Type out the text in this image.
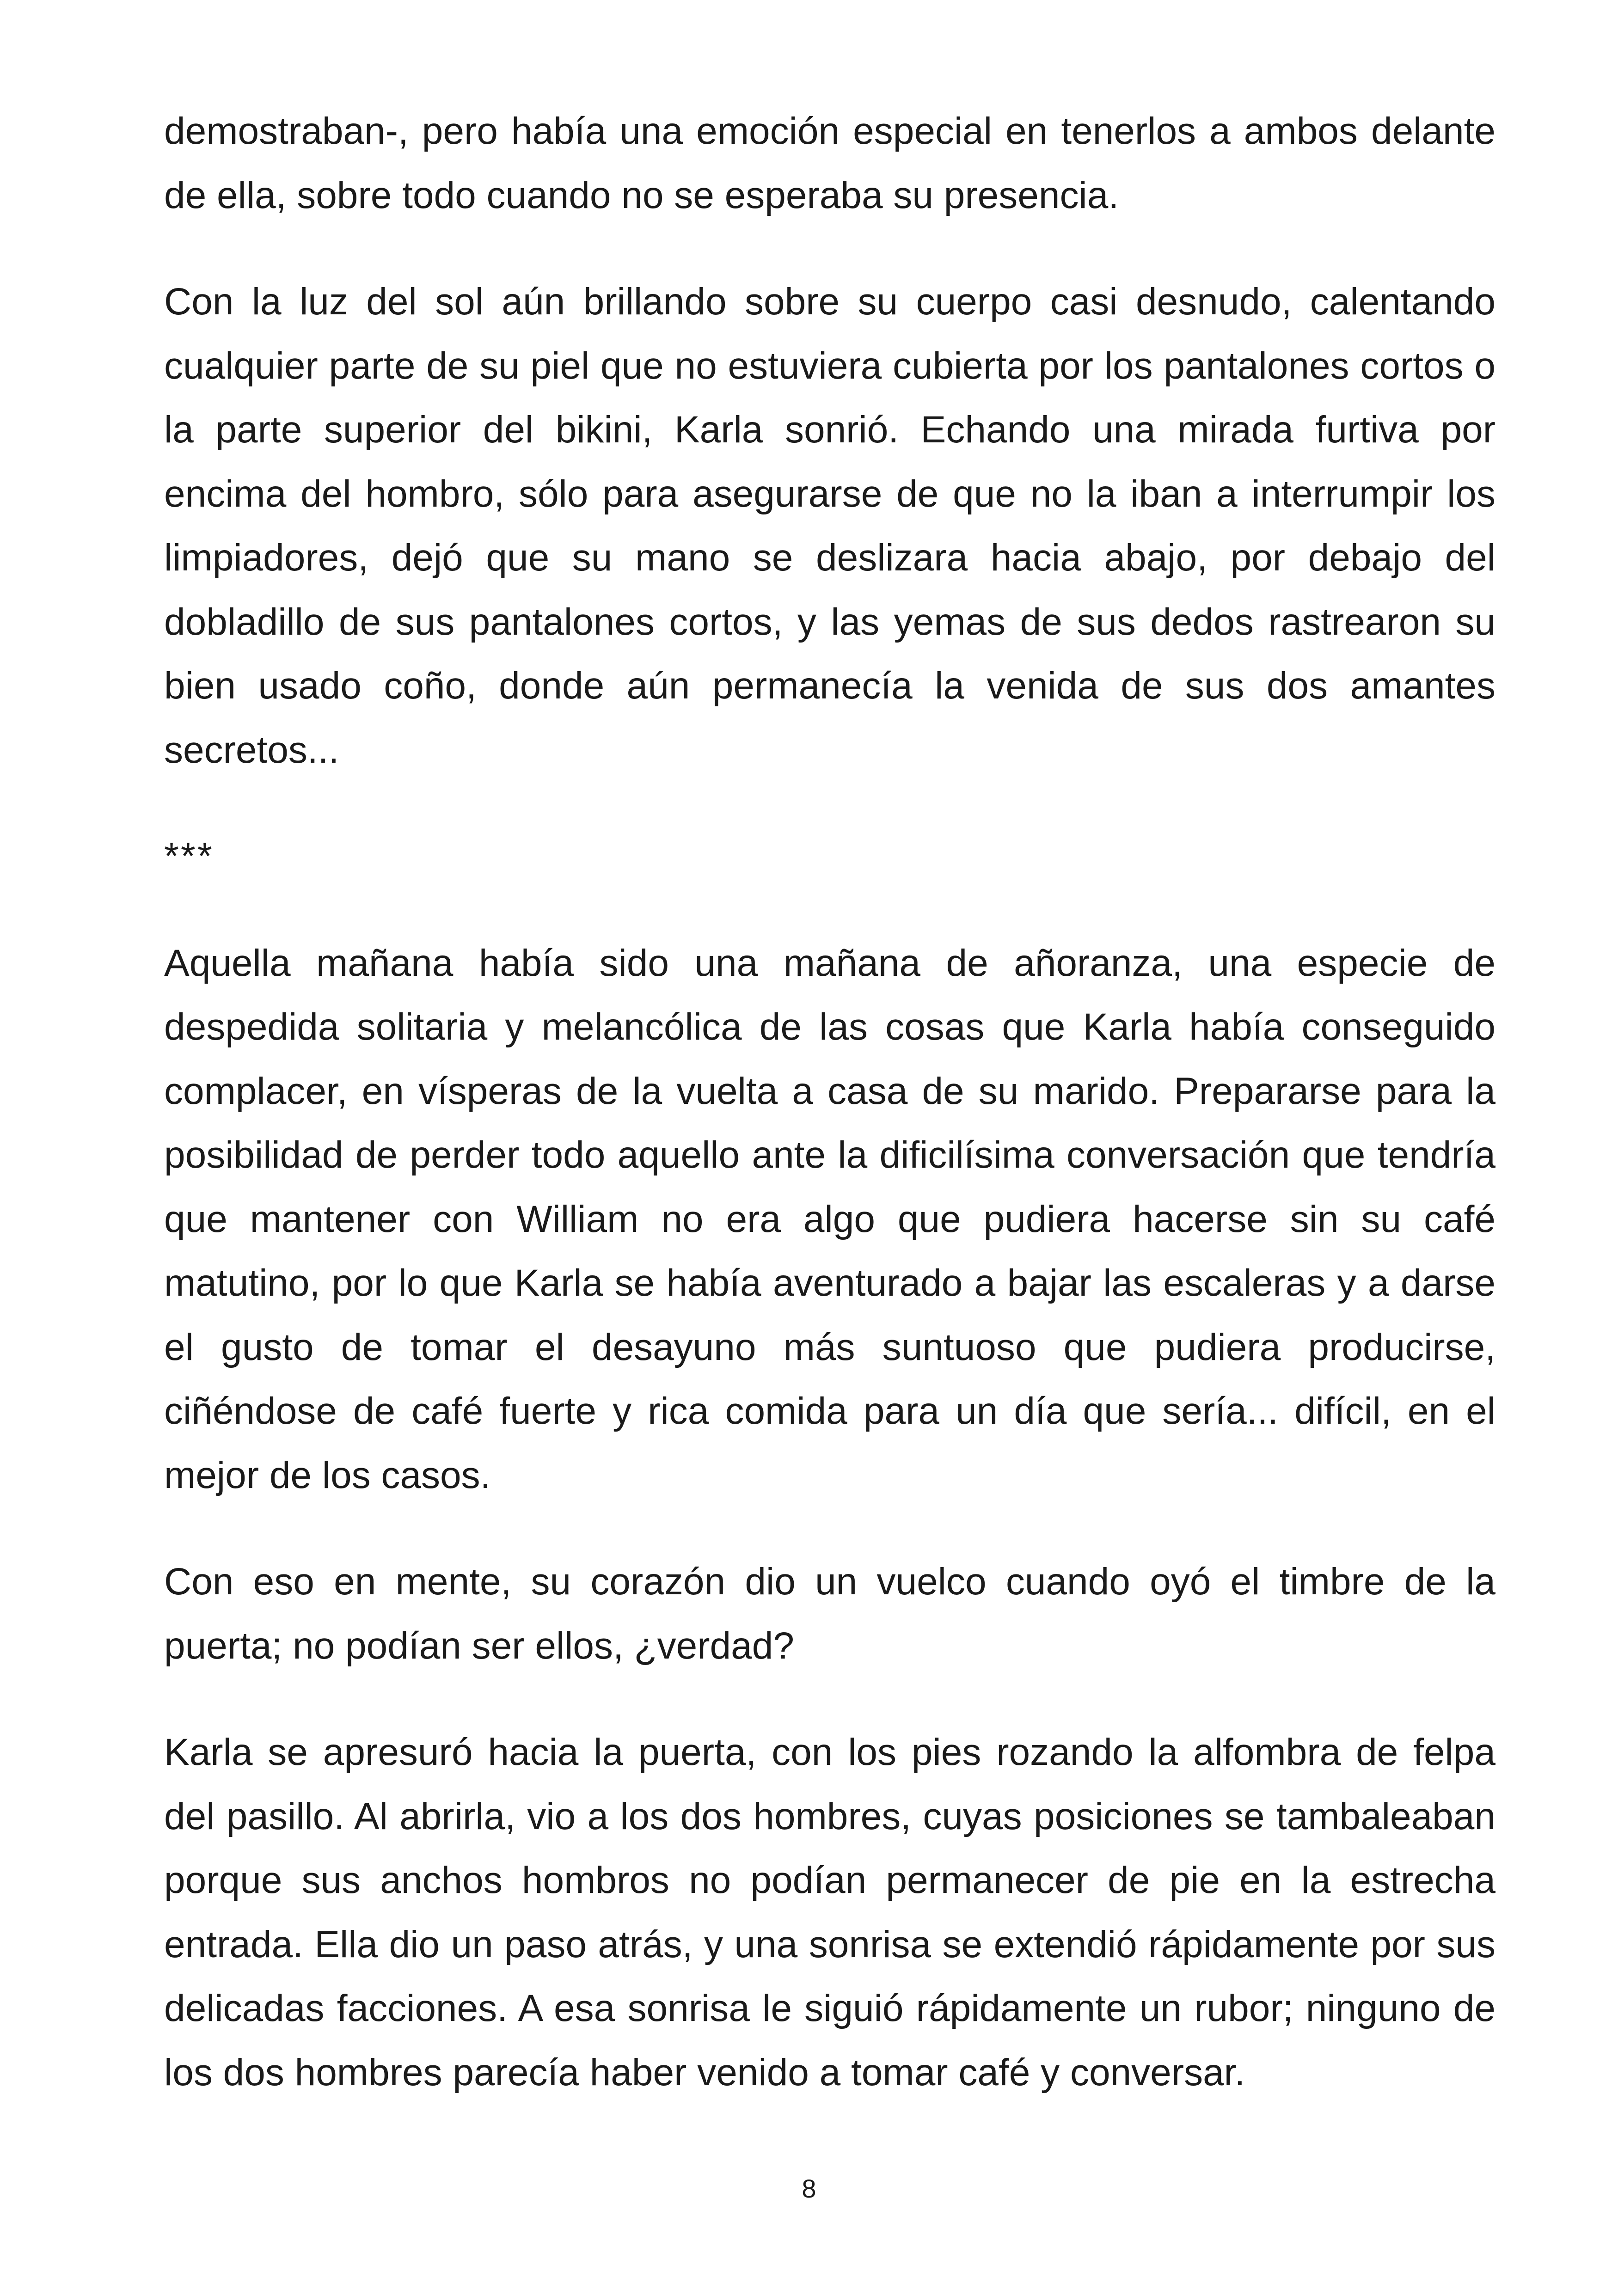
demostraban-, pero había una emoción especial en tenerlos a ambos delante de ella, sobre todo cuando no se esperaba su presencia.

Con la luz del sol aún brillando sobre su cuerpo casi desnudo, calentando cualquier parte de su piel que no estuviera cubierta por los pantalones cortos o la parte superior del bikini, Karla sonrió. Echando una mirada furtiva por encima del hombro, sólo para asegurarse de que no la iban a interrumpir los limpiadores, dejó que su mano se deslizara hacia abajo, por debajo del dobladillo de sus pantalones cortos, y las yemas de sus dedos rastrearon su bien usado coño, donde aún permanecía la venida de sus dos amantes secretos...

***

Aquella mañana había sido una mañana de añoranza, una especie de despedida solitaria y melancólica de las cosas que Karla había conseguido complacer, en vísperas de la vuelta a casa de su marido. Prepararse para la posibilidad de perder todo aquello ante la dificilísima conversación que tendría que mantener con William no era algo que pudiera hacerse sin su café matutino, por lo que Karla se había aventurado a bajar las escaleras y a darse el gusto de tomar el desayuno más suntuoso que pudiera producirse, ciñéndose de café fuerte y rica comida para un día que sería... difícil, en el mejor de los casos.

Con eso en mente, su corazón dio un vuelco cuando oyó el timbre de la puerta; no podían ser ellos, ¿verdad?

Karla se apresuró hacia la puerta, con los pies rozando la alfombra de felpa del pasillo. Al abrirla, vio a los dos hombres, cuyas posiciones se tambaleaban porque sus anchos hombros no podían permanecer de pie en la estrecha entrada. Ella dio un paso atrás, y una sonrisa se extendió rápidamente por sus delicadas facciones. A esa sonrisa le siguió rápidamente un rubor; ninguno de los dos hombres parecía haber venido a tomar café y conversar.

8
